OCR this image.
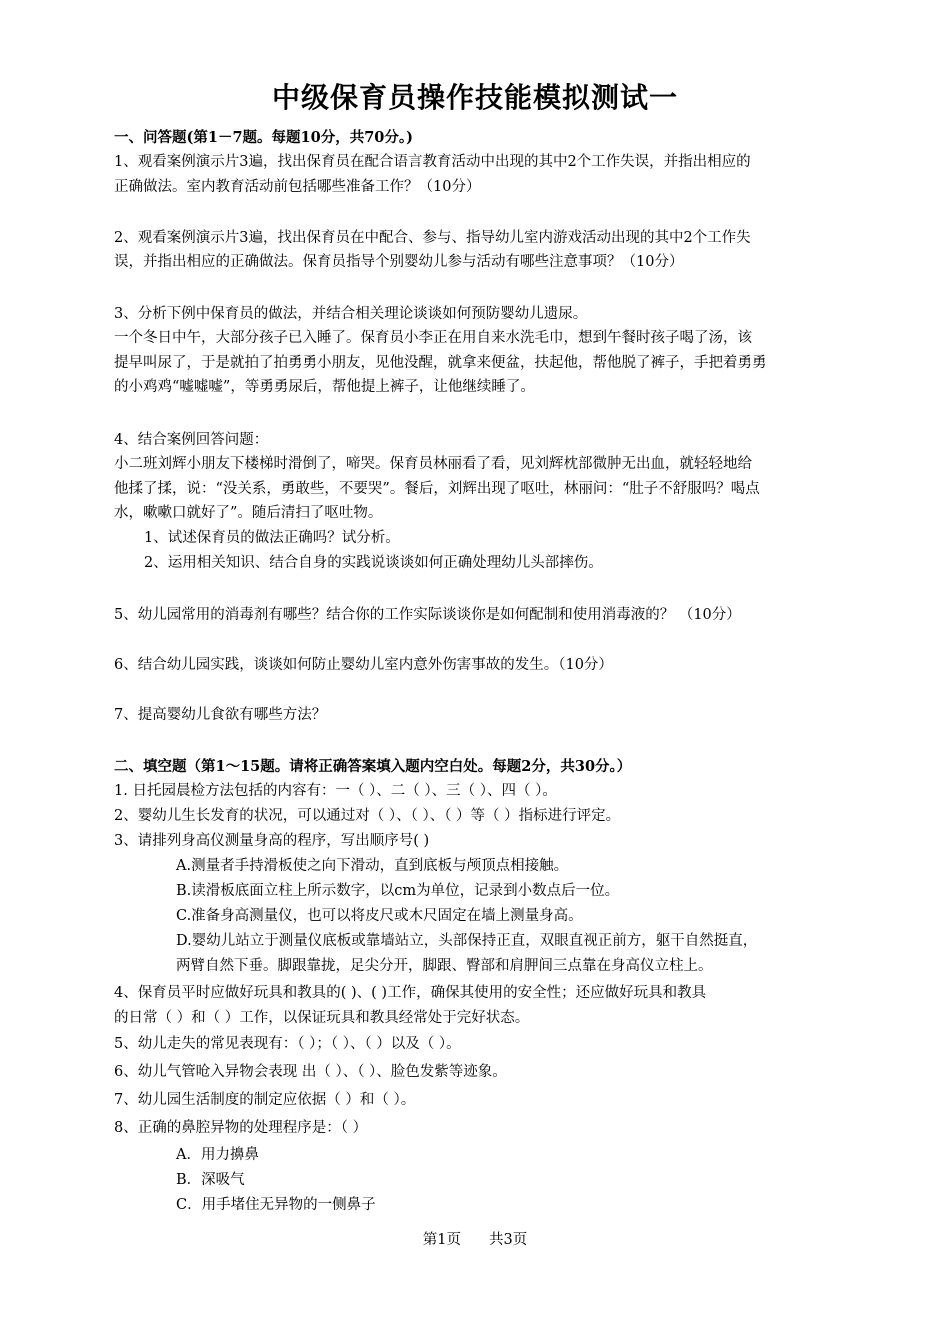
中级保育员操作技能模拟测试一
一、问答题(第1－7题。每题10分，共70分。)
1、观看案例演示片3遍，找出保育员在配合语言教育活动中出现的其中2个工作失误，并指出相应的
正确做法。室内教育活动前包括哪些准备工作？（10分）
2、观看案例演示片3遍，找出保育员在中配合、参与、指导幼儿室内游戏活动出现的其中2个工作失
误，并指出相应的正确做法。保育员指导个别婴幼儿参与活动有哪些注意事项？（10分）
3、分析下例中保育员的做法，并结合相关理论谈谈如何预防婴幼儿遗尿。
一个冬日中午，大部分孩子已入睡了。保育员小李正在用自来水洗毛巾，想到午餐时孩子喝了汤，该
提早叫尿了，于是就拍了拍勇勇小朋友，见他没醒，就拿来便盆，扶起他，帮他脱了裤子，手把着勇勇
的小鸡鸡“嘘嘘嘘”，等勇勇尿后，帮他提上裤子，让他继续睡了。
4、结合案例回答问题：
小二班刘辉小朋友下楼梯时滑倒了，啼哭。保育员林丽看了看，见刘辉枕部微肿无出血，就轻轻地给
他揉了揉，说：“没关系，勇敢些，不要哭”。餐后，刘辉出现了呕吐，林丽问：“肚子不舒服吗？喝点
水，嗽嗽口就好了”。随后清扫了呕吐物。
1、试述保育员的做法正确吗？试分析。
2、运用相关知识、结合自身的实践说谈谈如何正确处理幼儿头部摔伤。
5、幼儿园常用的消毒剂有哪些？结合你的工作实际谈谈你是如何配制和使用消毒液的？ （10分）
6、结合幼儿园实践，谈谈如何防止婴幼儿室内意外伤害事故的发生。（10分）
7、提高婴幼儿食欲有哪些方法？
二、填空题（第1～15题。请将正确答案填入题内空白处。每题2分，共30分。）
1. 日托园晨检方法包括的内容有：一（ ）、二（ ）、三（ ）、四（ ）。
2、婴幼儿生长发育的状况，可以通过对（ ）、（ ）、（ ）等（ ）指标进行评定。
3、请排列身高仪测量身高的程序，写出顺序号( )
A.测量者手持滑板使之向下滑动，直到底板与颅顶点相接触。
B.读滑板底面立柱上所示数字，以cm为单位，记录到小数点后一位。
C.准备身高测量仪，也可以将皮尺或木尺固定在墙上测量身高。
D.婴幼儿站立于测量仪底板或靠墙站立，头部保持正直，双眼直视正前方，躯干自然挺直，
两臂自然下垂。脚跟靠拢，足尖分开，脚跟、臀部和肩胛间三点靠在身高仪立柱上。
4、保育员平时应做好玩具和教具的( )、( )工作，确保其使用的安全性；还应做好玩具和教具
的日常（ ）和（ ）工作，以保证玩具和教具经常处于完好状态。
5、幼儿走失的常见表现有：（ ）；（ ）、（ ）以及（ ）。
6、幼儿气管呛入异物会表现 出（ ）、（ ）、脸色发紫等迹象。
7、幼儿园生活制度的制定应依据（ ）和（ ）。
8、正确的鼻腔异物的处理程序是：（ ）
A．用力擤鼻
B．深吸气
C．用手堵住无异物的一侧鼻子
第1页 共3页
